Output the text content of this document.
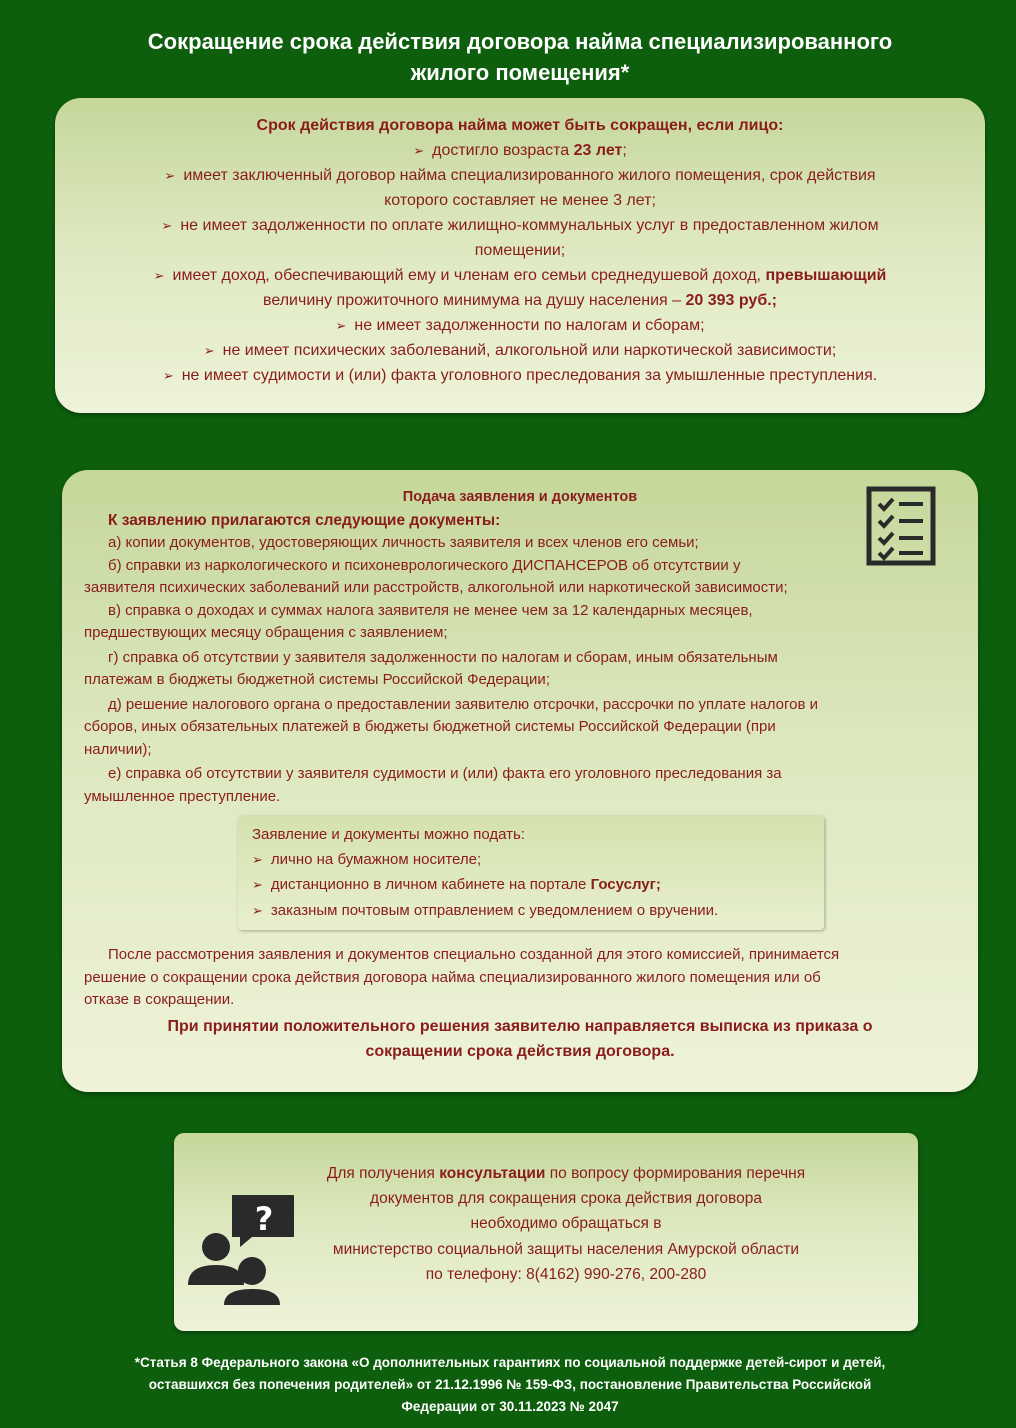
Сокращение срока действия договора найма специализированного
жилого помещения*
Срок действия договора найма может быть сокращен, если лицо:
➢ достигло возраста 23 лет;
➢ имеет заключенный договор найма специализированного жилого помещения, срок действия
которого составляет не менее 3 лет;
➢ не имеет задолженности по оплате жилищно-коммунальных услуг в предоставленном жилом
помещении;
➢ имеет доход, обеспечивающий ему и членам его семьи среднедушевой доход, превышающий
величину прожиточного минимума на душу населения – 20 393 руб.;
➢ не имеет задолженности по налогам и сборам;
➢ не имеет психических заболеваний, алкогольной или наркотической зависимости;
➢ не имеет судимости и (или) факта уголовного преследования за умышленные преступления.
Подача заявления и документов
К заявлению прилагаются следующие документы:
а) копии документов, удостоверяющих личность заявителя и всех членов его семьи;
б) справки из наркологического и психоневрологического ДИСПАНСЕРОВ об отсутствии у
заявителя психических заболеваний или расстройств, алкогольной или наркотической зависимости;
в) справка о доходах и суммах налога заявителя не менее чем за 12 календарных месяцев,
предшествующих месяцу обращения с заявлением;
г) справка об отсутствии у заявителя задолженности по налогам и сборам, иным обязательным
платежам в бюджеты бюджетной системы Российской Федерации;
д) решение налогового органа о предоставлении заявителю отсрочки, рассрочки по уплате налогов и
сборов, иных обязательных платежей в бюджеты бюджетной системы Российской Федерации (при
наличии);
е) справка об отсутствии у заявителя судимости и (или) факта его уголовного преследования за
умышленное преступление.
После рассмотрения заявления и документов специально созданной для этого комиссией, принимается
решение о сокращении срока действия договора найма специализированного жилого помещения или об
отказе в сокращении.
При принятии положительного решения заявителю направляется выписка из приказа о
сокращении срока действия договора.
Заявление и документы можно подать:
➢ лично на бумажном носителе;
➢ дистанционно в личном кабинете на портале Госуслуг;
➢ заказным почтовым отправлением с уведомлением о вручении.
?
Для получения консультации по вопросу формирования перечня
документов для сокращения срока действия договора
необходимо обращаться в
министерство социальной защиты населения Амурской области
по телефону: 8(4162) 990-276, 200-280
*Статья 8 Федерального закона «О дополнительных гарантиях по социальной поддержке детей-сирот и детей,
оставшихся без попечения родителей» от 21.12.1996 № 159-ФЗ, постановление Правительства Российской
Федерации от 30.11.2023 № 2047
